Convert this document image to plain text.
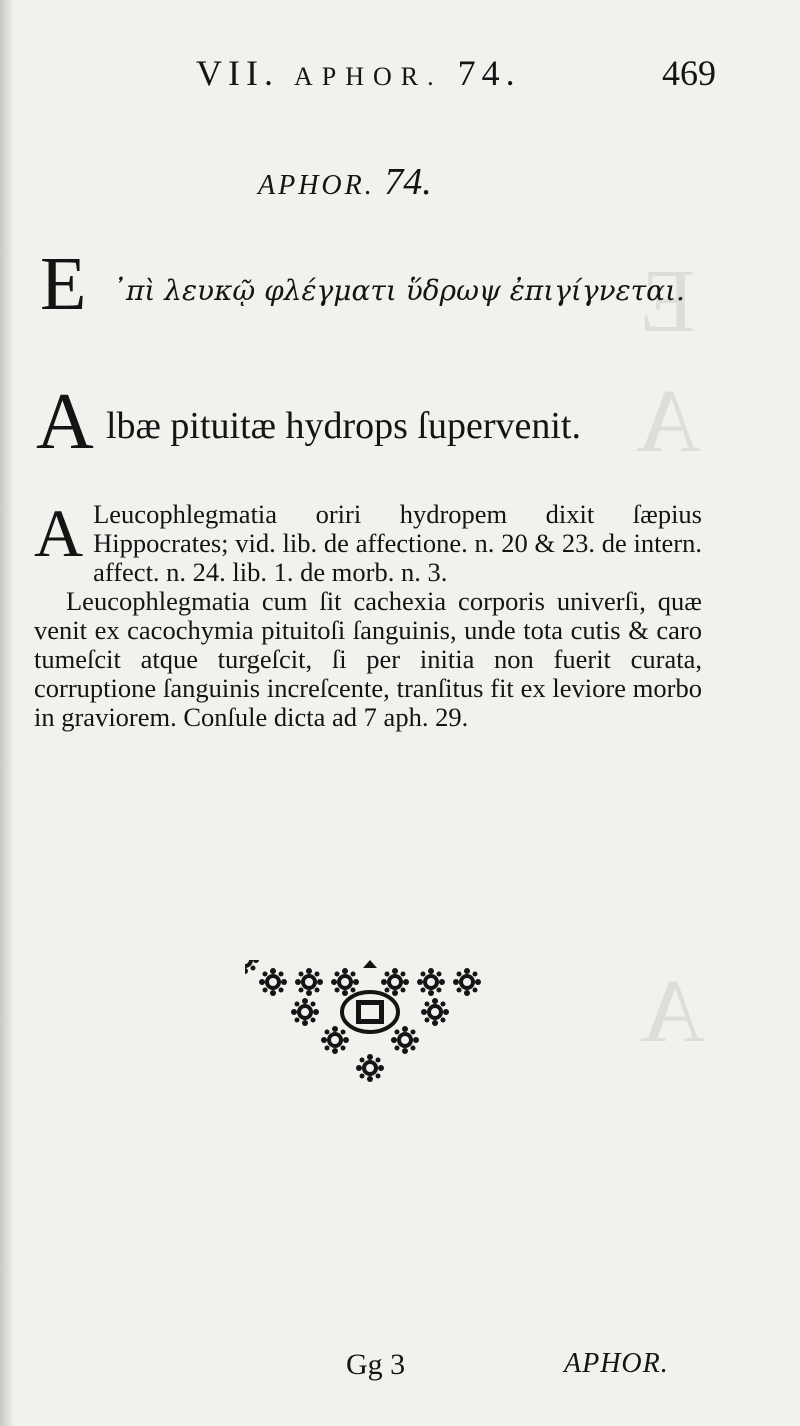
E
A
A
VII. APHOR. 74.	469
APHOR. 74.
E ᾽πὶ λευκῷ φλέγματι ὕδρωψ ἐπιγίγνεται.
A lbæ pituitæ hydrops ſupervenit.
A Leucophlegmatia oriri hydropem dixit ſæpius Hippocrates; vid. lib. de affectione. n. 20 & 23. de intern. affect. n. 24. lib. 1. de morb. n. 3.

Leucophlegmatia cum ſit cachexia corporis univerſi, quæ venit ex cacochymia pituitoſi ſanguinis, unde tota cutis & caro tumeſcit atque turgeſcit, ſi per initia non fuerit curata, corruptione ſanguinis increſcente, tranſitus fit ex leviore morbo in graviorem. Conſule dicta ad 7 aph. 29.

Gg 3	APHOR.
